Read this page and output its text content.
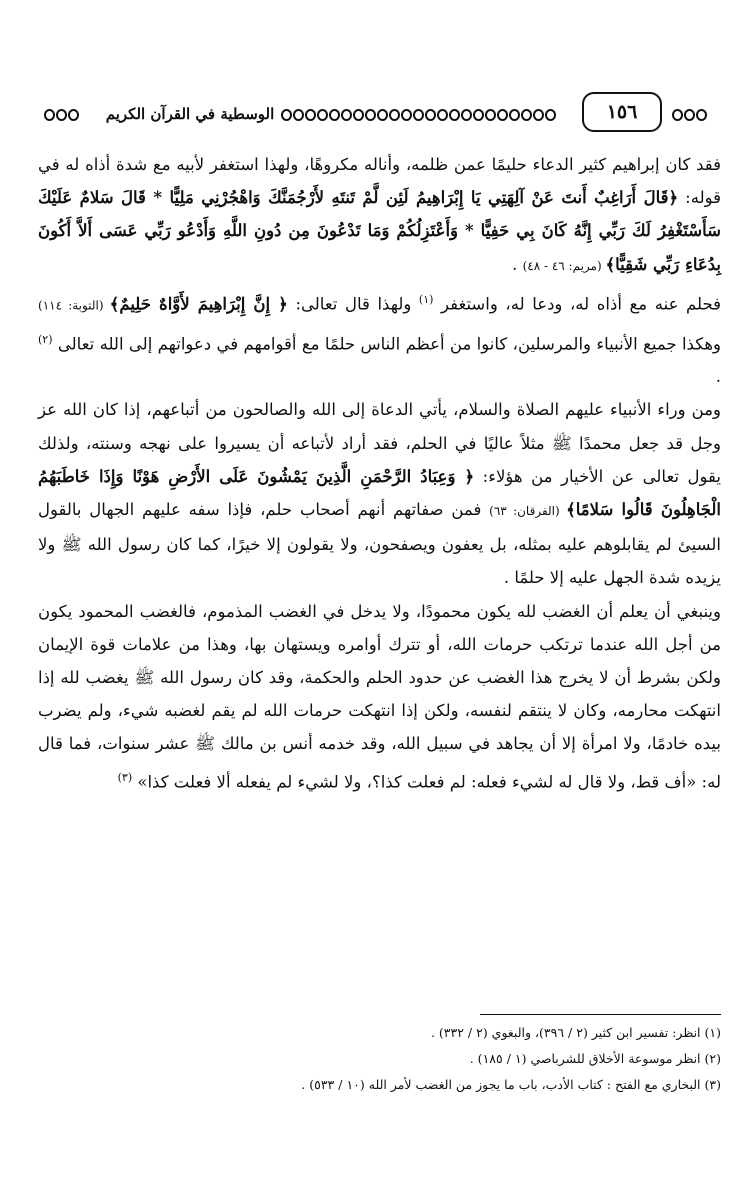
الوسطية في القرآن الكريم	١٥٦

فقد كان إبراهيم كثير الدعاء حليمًا عمن ظلمه، وأناله مكروهًا، ولهذا استغفر لأبيه مع شدة أذاه له في قوله: ﴿قَالَ أَرَاغِبٌ أَنتَ عَنْ آلِهَتِي يَا إِبْرَاهِيمُ لَئِن لَّمْ تَنتَهِ لأَرْجُمَنَّكَ وَاهْجُرْنِي مَلِيًّا * قَالَ سَلامٌ عَلَيْكَ سَأَسْتَغْفِرُ لَكَ رَبِّي إِنَّهُ كَانَ بِي حَفِيًّا * وَأَعْتَزِلُكُمْ وَمَا تَدْعُونَ مِن دُونِ اللَّهِ وَأَدْعُو رَبِّي عَسَى أَلاَّ أَكُونَ بِدُعَاءِ رَبِّي شَقِيًّا﴾ (مريم: ٤٦ - ٤٨) .

فحلم عنه مع أذاه له، ودعا له، واستغفر $^{(١)}$ ولهذا قال تعالى: ﴿ إِنَّ إِبْرَاهِيمَ لأَوَّاهٌ حَلِيمٌ﴾ (التوبة: ١١٤) وهكذا جميع الأنبياء والمرسلين، كانوا من أعظم الناس حلمًا مع أقوامهم في دعواتهم إلى الله تعالى $^{(٢)}$ .

ومن وراء الأنبياء عليهم الصلاة والسلام، يأتي الدعاة إلى الله والصالحون من أتباعهم، إذا كان الله عز وجل قد جعل محمدًا ﷺ مثلاً عاليًا في الحلم، فقد أراد لأتباعه أن يسيروا على نهجه وسنته، ولذلك يقول تعالى عن الأخيار من هؤلاء: ﴿ وَعِبَادُ الرَّحْمَنِ الَّذِينَ يَمْشُونَ عَلَى الأَرْضِ هَوْنًا وَإِذَا خَاطَبَهُمُ الْجَاهِلُونَ قَالُوا سَلامًا﴾ (الفرقان: ٦٣) فمن صفاتهم أنهم أصحاب حلم، فإذا سفه عليهم الجهال بالقول السيئ لم يقابلوهم عليه بمثله، بل يعفون ويصفحون، ولا يقولون إلا خيرًا، كما كان رسول الله ﷺ ولا يزيده شدة الجهل عليه إلا حلمًا .

وينبغي أن يعلم أن الغضب لله يكون محمودًا، ولا يدخل في الغضب المذموم، فالغضب المحمود يكون من أجل الله عندما ترتكب حرمات الله، أو تترك أوامره ويستهان بها، وهذا من علامات قوة الإيمان ولكن بشرط أن لا يخرج هذا الغضب عن حدود الحلم والحكمة، وقد كان رسول الله ﷺ يغضب لله إذا انتهكت محارمه، وكان لا ينتقم لنفسه، ولكن إذا انتهكت حرمات الله لم يقم لغضبه شيء، ولم يضرب بيده خادمًا، ولا امرأة إلا أن يجاهد في سبيل الله، وقد خدمه أنس بن مالك ﷺ عشر سنوات، فما قال له: «أف قط، ولا قال له لشيء فعله: لم فعلت كذا؟، ولا لشيء لم يفعله ألا فعلت كذا» $^{(٣)}$

(١) انظر: تفسير ابن كثير (٢ / ٣٩٦)، والبغوي (٢ / ٣٣٢) .
(٢) انظر موسوعة الأخلاق للشرباصي (١ / ١٨٥) .
(٣) البخاري مع الفتح : كتاب الأدب، باب ما يجوز من الغضب لأمر الله (١٠ / ٥٣٣) .
